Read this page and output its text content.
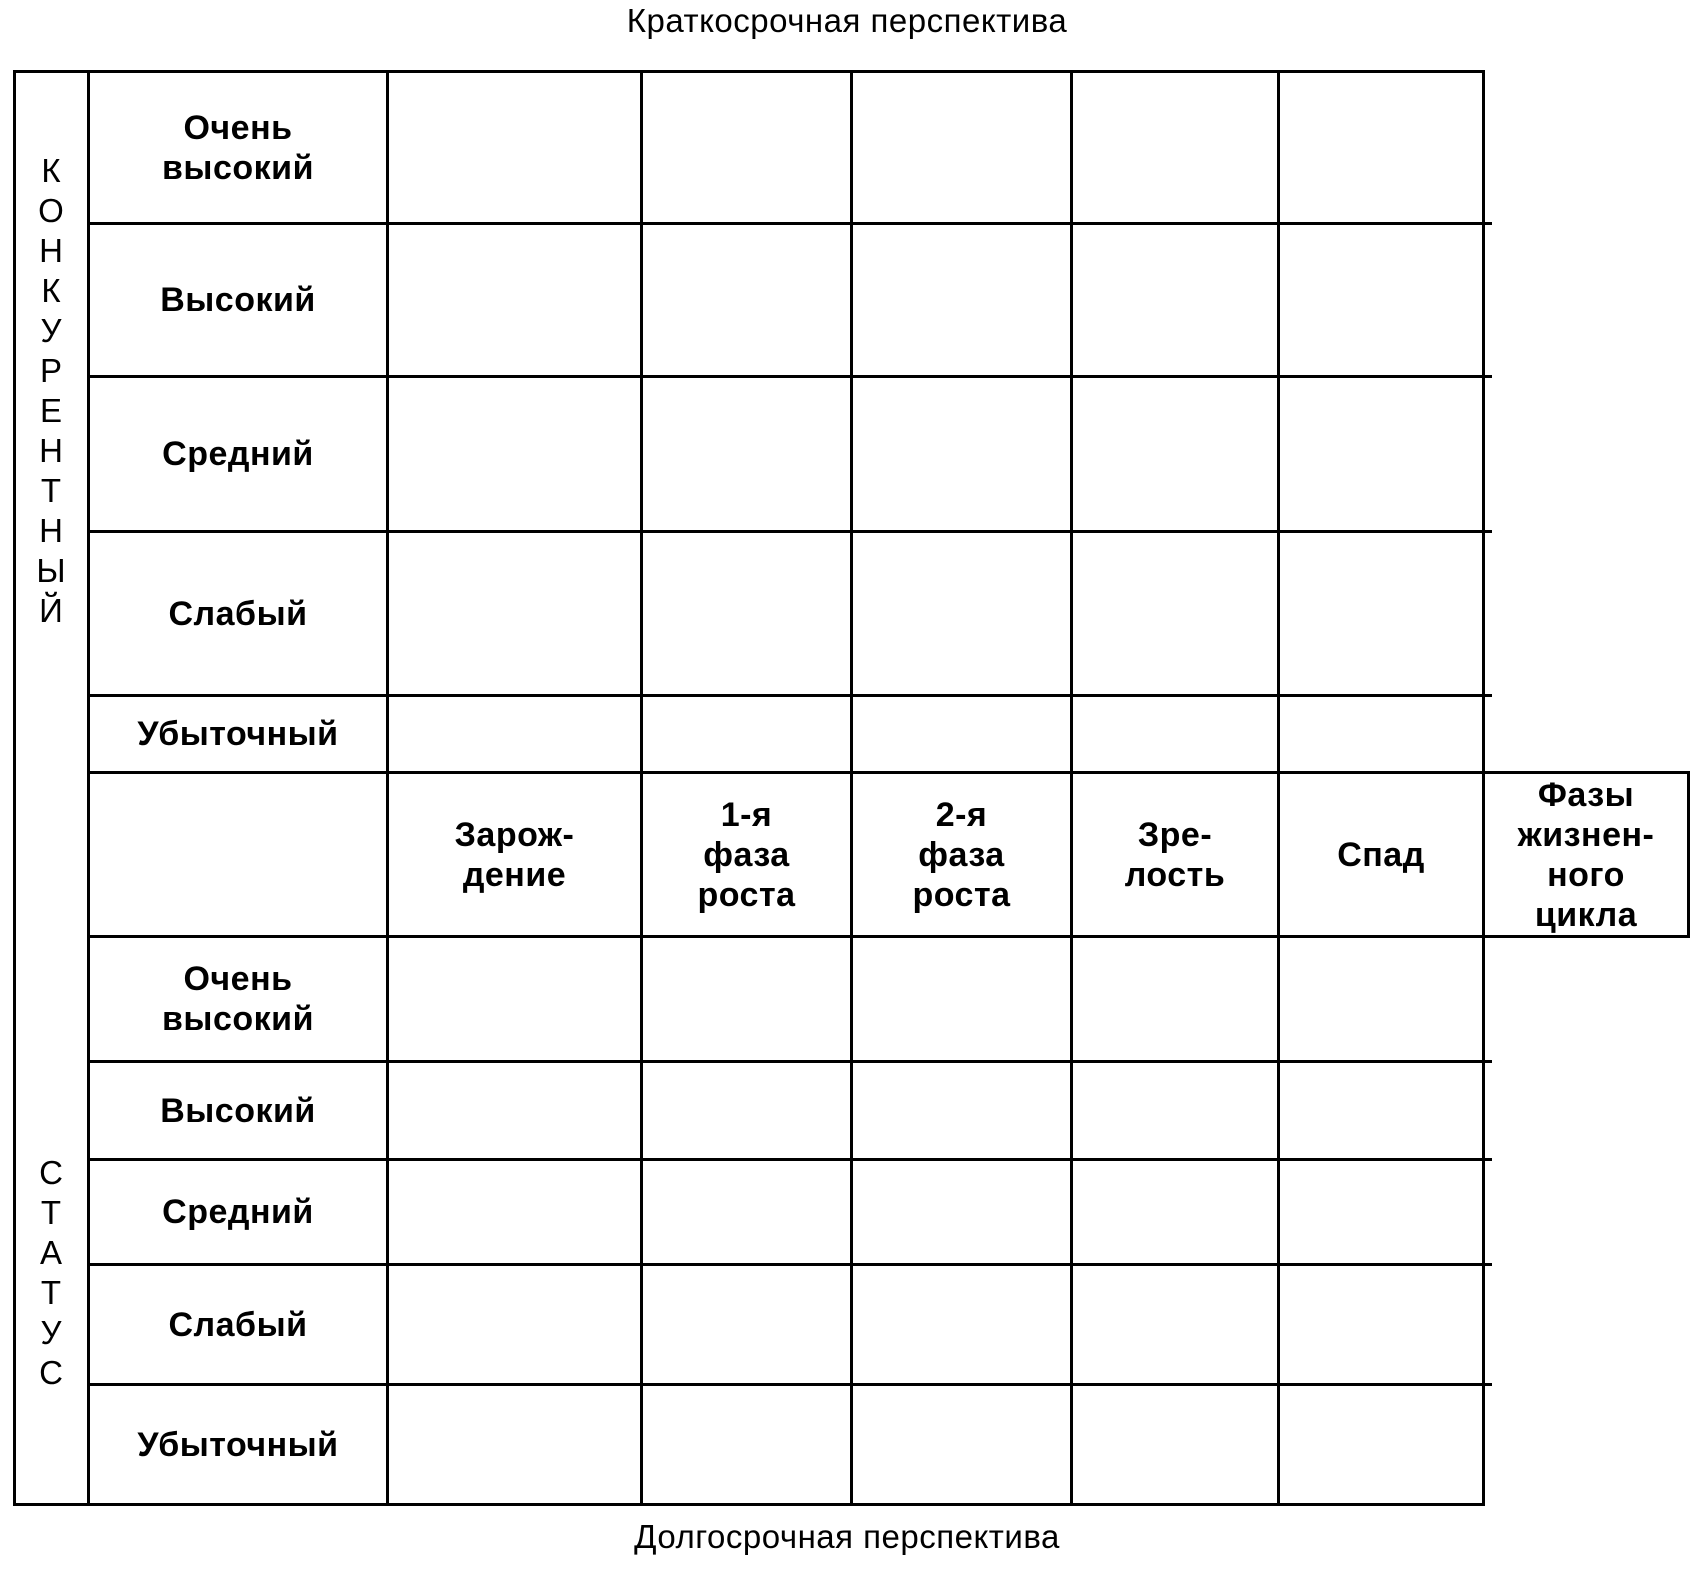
Краткосрочная перспектива
Долгосрочная перспектива
К
О
Н
К
У
Р
Е
Н
Т
Н
Ы
Й
С
Т
А
Т
У
С
Очень
высокий
Высокий
Средний
Слабый
Убыточный
Зарож-
дение
1-я
фаза
роста
2-я
фаза
роста
Зре-
лость
Спад
Фазы
жизнен-
ного
цикла
Очень
высокий
Высокий
Средний
Слабый
Убыточный
